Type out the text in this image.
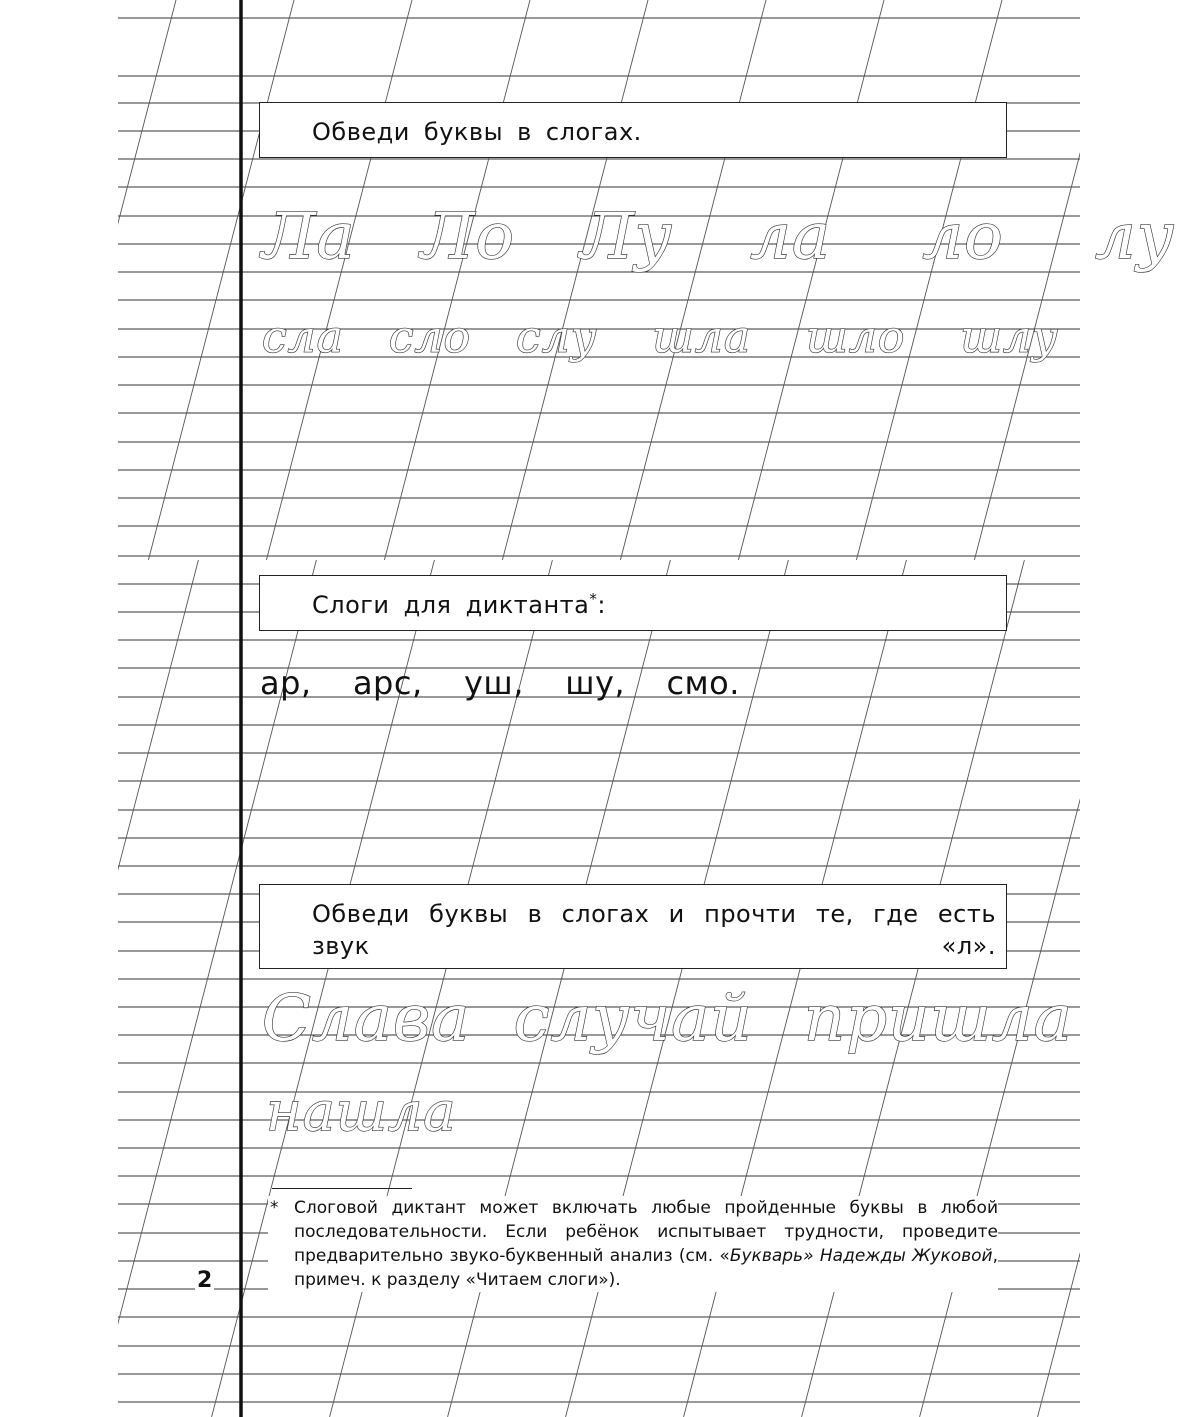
Обведи буквы в слогах.
Ла Ло Лу ла ло лу
сла сло слу шла шло шлу
Слоги для диктанта*:
ар,  арс,  уш,  шу,  смо.
Обведи буквы в слогах и прочти те, где есть
звук «л».
Слава случай пришла
нашла
* Слоговой диктант может включать любые пройденные буквы в любой последовательности. Если ребёнок испытывает трудности, проведите предварительно звуко-буквенный анализ (см. «Букварь» Надежды Жуковой, примеч. к разделу «Читаем слоги»).
2
